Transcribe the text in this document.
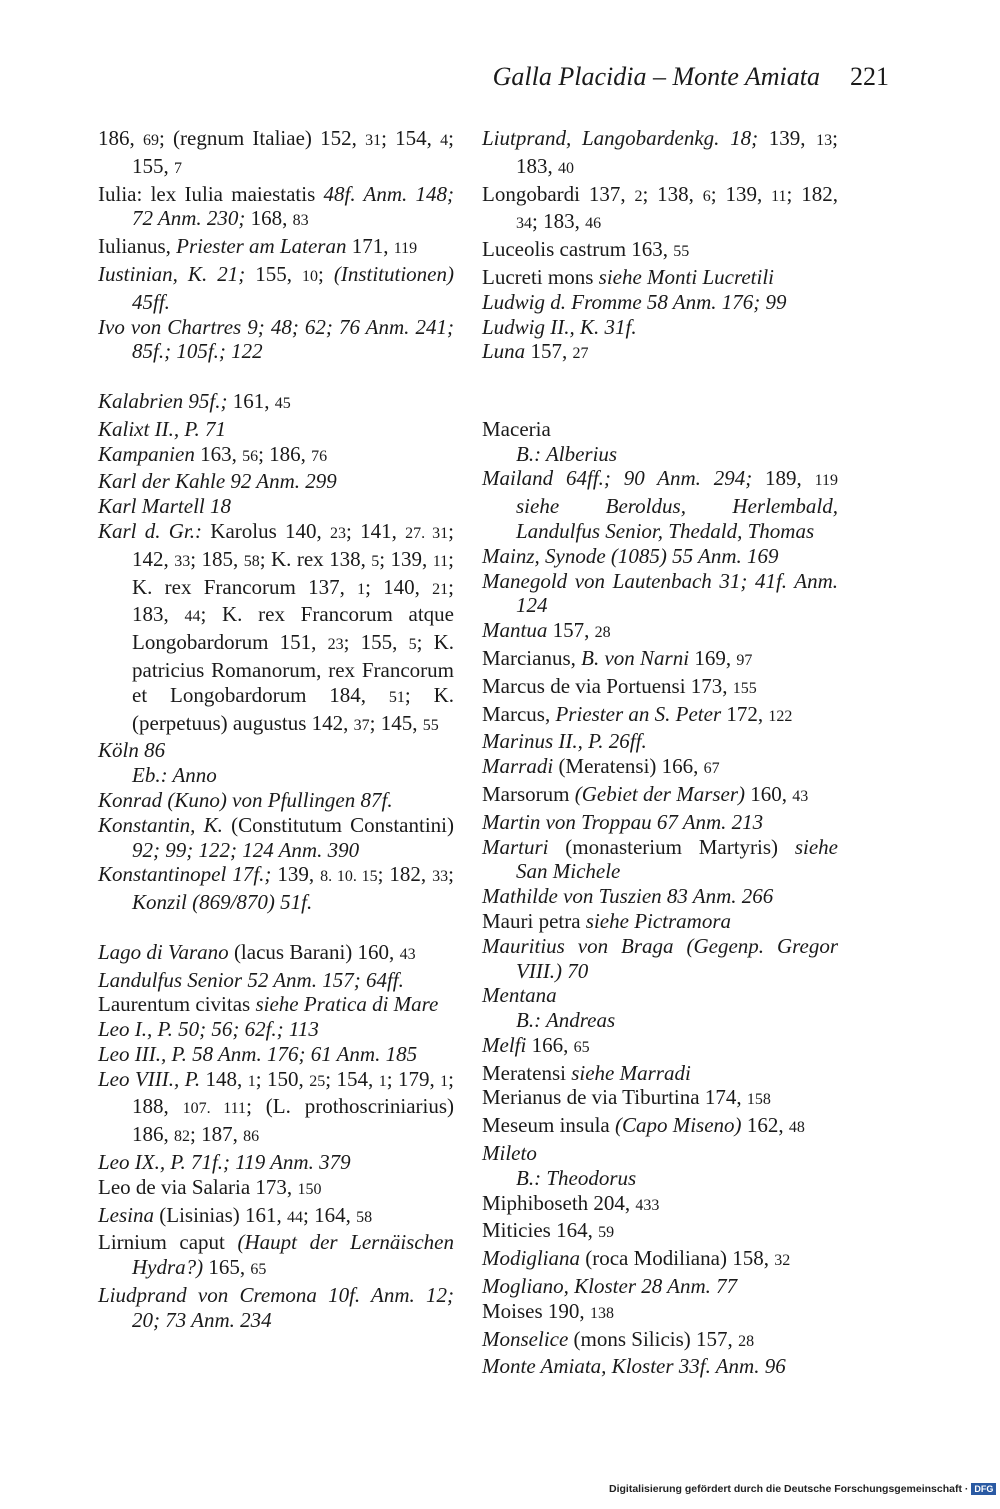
Galla Placidia – Monte Amiata 221
186, 69; (regnum Italiae) 152, 31; 154, 4; 155, 7
Iulia: lex Iulia maiestatis 48f. Anm. 148; 72 Anm. 230; 168, 83
Iulianus, Priester am Lateran 171, 119
Iustinian, K. 21; 155, 10; (Institutionen) 45ff.
Ivo von Chartres 9; 48; 62; 76 Anm. 241; 85f.; 105f.; 122
Kalabrien 95f.; 161, 45
Kalixt II., P. 71
Kampanien 163, 56; 186, 76
Karl der Kahle 92 Anm. 299
Karl Martell 18
Karl d. Gr.: Karolus 140, 23; 141, 27. 31; 142, 33; 185, 58; K. rex 138, 5; 139, 11; K. rex Francorum 137, 1; 140, 21; 183, 44; K. rex Francorum atque Longobardorum 151, 23; 155, 5; K. patricius Romanorum, rex Francorum et Longobardorum 184, 51; K. (perpetuus) augustus 142, 37; 145, 55
Köln 86
Eb.: Anno
Konrad (Kuno) von Pfullingen 87f.
Konstantin, K. (Constitutum Constantini) 92; 99; 122; 124 Anm. 390
Konstantinopel 17f.; 139, 8. 10. 15; 182, 33; Konzil (869/870) 51f.
Lago di Varano (lacus Barani) 160, 43
Landulfus Senior 52 Anm. 157; 64ff.
Laurentum civitas siehe Pratica di Mare
Leo I., P. 50; 56; 62f.; 113
Leo III., P. 58 Anm. 176; 61 Anm. 185
Leo VIII., P. 148, 1; 150, 25; 154, 1; 179, 1; 188, 107. 111; (L. prothoscriniarius) 186, 82; 187, 86
Leo IX., P. 71f.; 119 Anm. 379
Leo de via Salaria 173, 150
Lesina (Lisinias) 161, 44; 164, 58
Lirnium caput (Haupt der Lernäischen Hydra?) 165, 65
Liudprand von Cremona 10f. Anm. 12; 20; 73 Anm. 234
Liutprand, Langobardenkg. 18; 139, 13; 183, 40
Longobardi 137, 2; 138, 6; 139, 11; 182, 34; 183, 46
Luceolis castrum 163, 55
Lucreti mons siehe Monti Lucretili
Ludwig d. Fromme 58 Anm. 176; 99
Ludwig II., K. 31f.
Luna 157, 27
Maceria
B.: Alberius
Mailand 64ff.; 90 Anm. 294; 189, 119 siehe Beroldus, Herlembald, Landulfus Senior, Thedald, Thomas
Mainz, Synode (1085) 55 Anm. 169
Manegold von Lautenbach 31; 41f. Anm. 124
Mantua 157, 28
Marcianus, B. von Narni 169, 97
Marcus de via Portuensi 173, 155
Marcus, Priester an S. Peter 172, 122
Marinus II., P. 26ff.
Marradi (Meratensi) 166, 67
Marsorum (Gebiet der Marser) 160, 43
Martin von Troppau 67 Anm. 213
Marturi (monasterium Martyris) siehe San Michele
Mathilde von Tuszien 83 Anm. 266
Mauri petra siehe Pictramora
Mauritius von Braga (Gegenp. Gregor VIII.) 70
Mentana
B.: Andreas
Melfi 166, 65
Meratensi siehe Marradi
Merianus de via Tiburtina 174, 158
Meseum insula (Capo Miseno) 162, 48
Mileto
B.: Theodorus
Miphiboseth 204, 433
Miticies 164, 59
Modigliana (roca Modiliana) 158, 32
Mogliano, Kloster 28 Anm. 77
Moises 190, 138
Monselice (mons Silicis) 157, 28
Monte Amiata, Kloster 33f. Anm. 96
Digitalisierung gefördert durch die Deutsche Forschungsgemeinschaft · DFG
